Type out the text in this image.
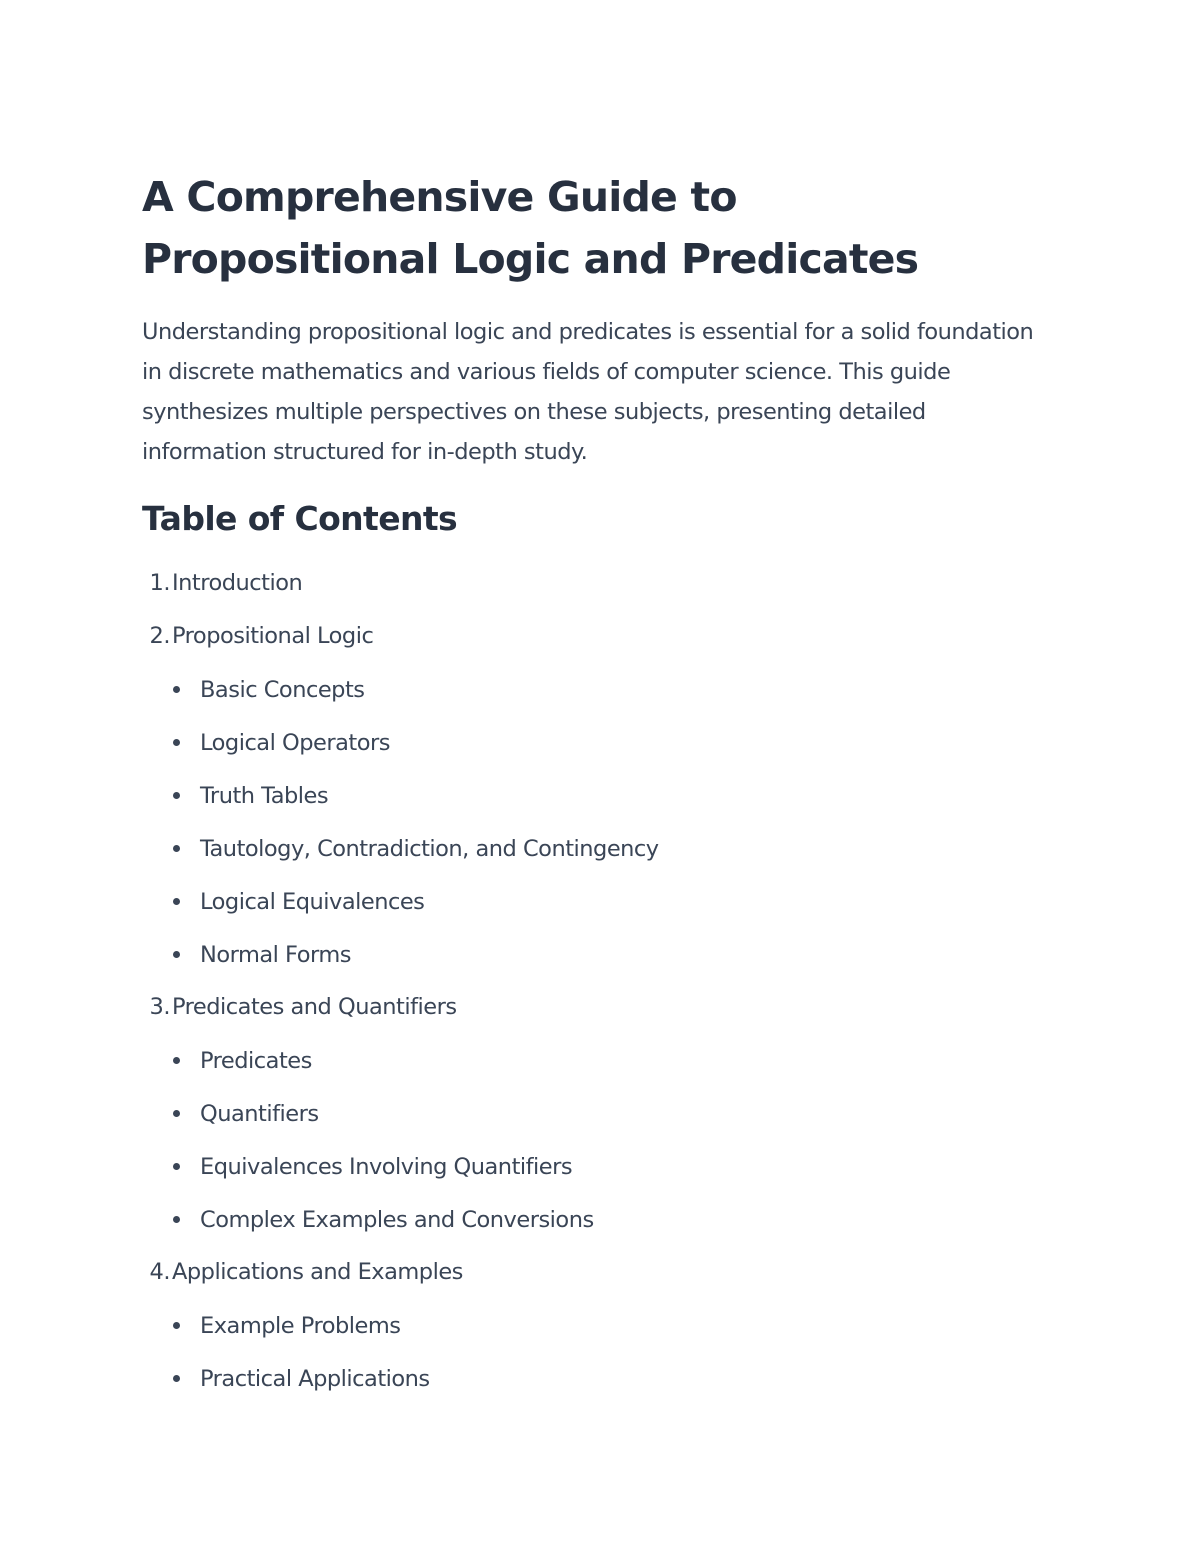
A Comprehensive Guide to Propositional Logic and Predicates

Understanding propositional logic and predicates is essential for a solid foundation in discrete mathematics and various fields of computer science. This guide synthesizes multiple perspectives on these subjects, presenting detailed information structured for in-depth study.

Table of Contents
1. Introduction
2. Propositional Logic
Basic Concepts
Logical Operators
Truth Tables
Tautology, Contradiction, and Contingency
Logical Equivalences
Normal Forms
3. Predicates and Quantifiers
Predicates
Quantifiers
Equivalences Involving Quantifiers
Complex Examples and Conversions
4. Applications and Examples
Example Problems
Practical Applications
